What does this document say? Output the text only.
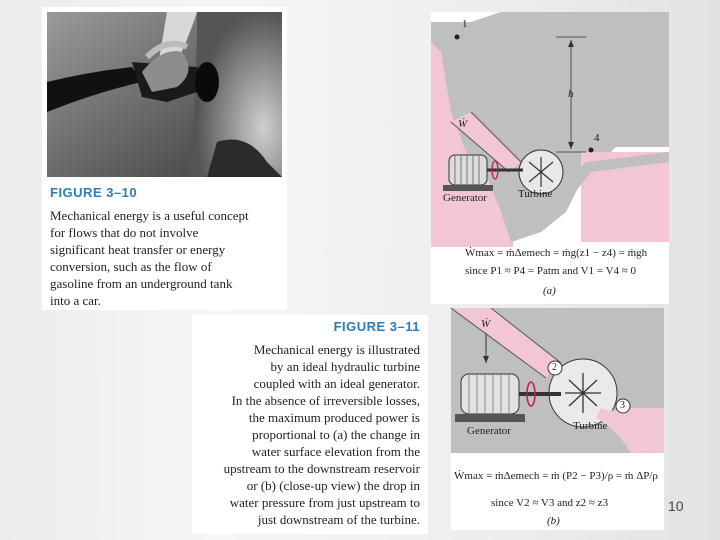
FIGURE 3–10
Mechanical energy is a useful concept
for flows that do not involve
significant heat transfer or energy
conversion, such as the flow of
gasoline from an underground tank
into a car.
FIGURE 3–11
Mechanical energy is illustrated
by an ideal hydraulic turbine
coupled with an ideal generator.
In the absence of irreversible losses,
the maximum produced power is
proportional to (a) the change in
water surface elevation from the
upstream to the downstream reservoir
or (b) (close-up view) the drop in
water pressure from just upstream to
just downstream of the turbine.
1
4
h
Ẇ
Generator	Turbine
Ẇmax = ṁΔemech = ṁg(z1 − z4) = ṁgh
since P1 ≈ P4 = Patm and V1 = V4 ≈ 0
(a)
2
3
Ẇ
Generator	Turbine
Ẇmax = ṁΔemech = ṁ (P2 − P3)/ρ = ṁ ΔP/ρ
since V2 ≈ V3 and z2 ≈ z3
(b)
10
